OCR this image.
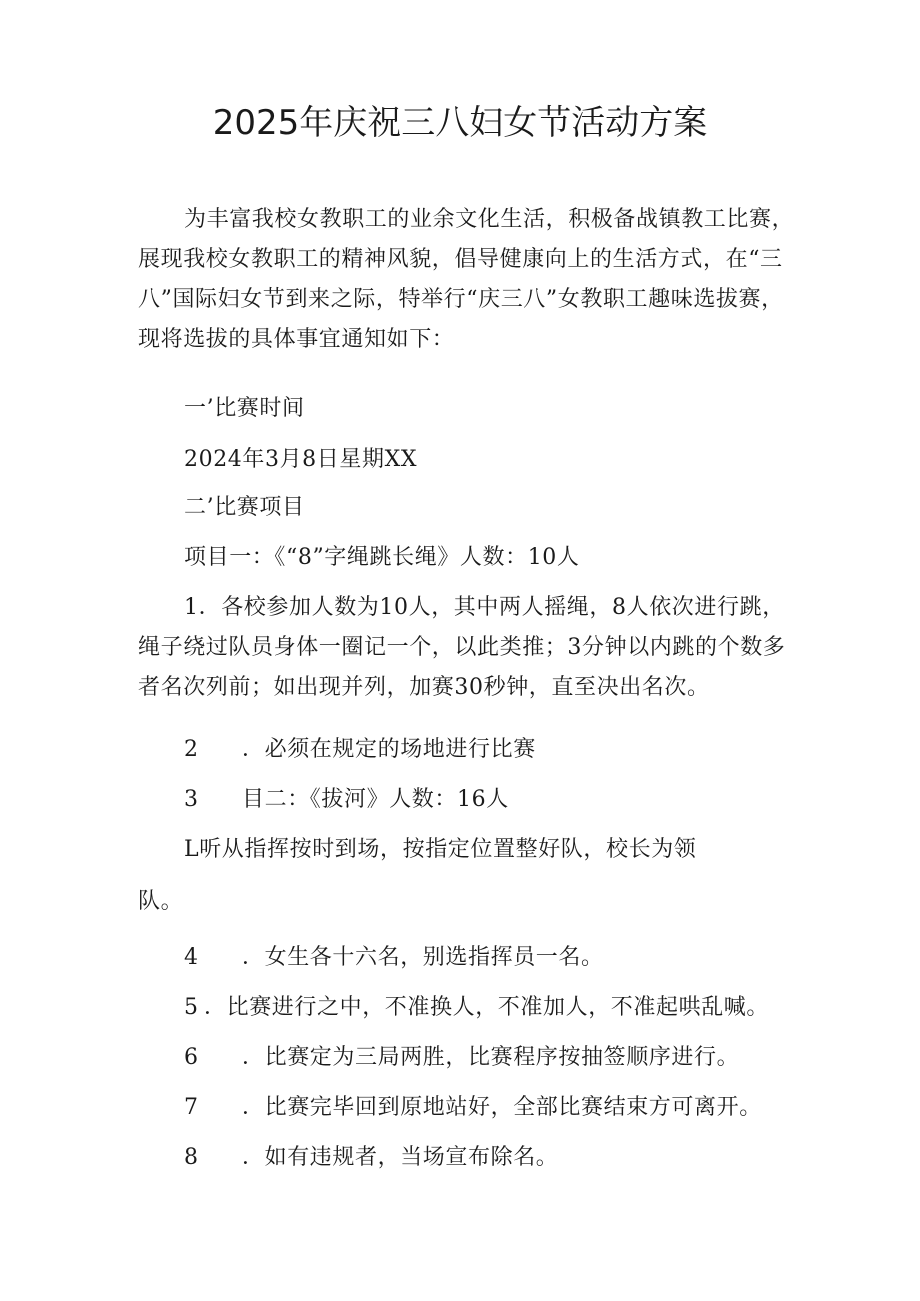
2025年庆祝三八妇女节活动方案

为丰富我校女教职工的业余文化生活，积极备战镇教工比赛，展现我校女教职工的精神风貌，倡导健康向上的生活方式，在“三八”国际妇女节到来之际，特举行“庆三八”女教职工趣味选拔赛，现将选拔的具体事宜通知如下：

一’比赛时间

2024年3月8日星期XX

二’比赛项目

项目一：《“8”字绳跳长绳》人数：10人

1．各校参加人数为10人，其中两人摇绳，8人依次进行跳，绳子绕过队员身体一圈记一个，以此类推；3分钟以内跳的个数多者名次列前；如出现并列，加赛30秒钟，直至决出名次。

2 ．必须在规定的场地进行比赛

3 目二：《拔河》人数：16人

L听从指挥按时到场，按指定位置整好队，校长为领

队。

4 ．女生各十六名，别选指挥员一名。

5 ．比赛进行之中，不准换人，不准加人，不准起哄乱喊。

6 ．比赛定为三局两胜，比赛程序按抽签顺序进行。

7 ．比赛完毕回到原地站好，全部比赛结束方可离开。

8 ．如有违规者，当场宣布除名。
